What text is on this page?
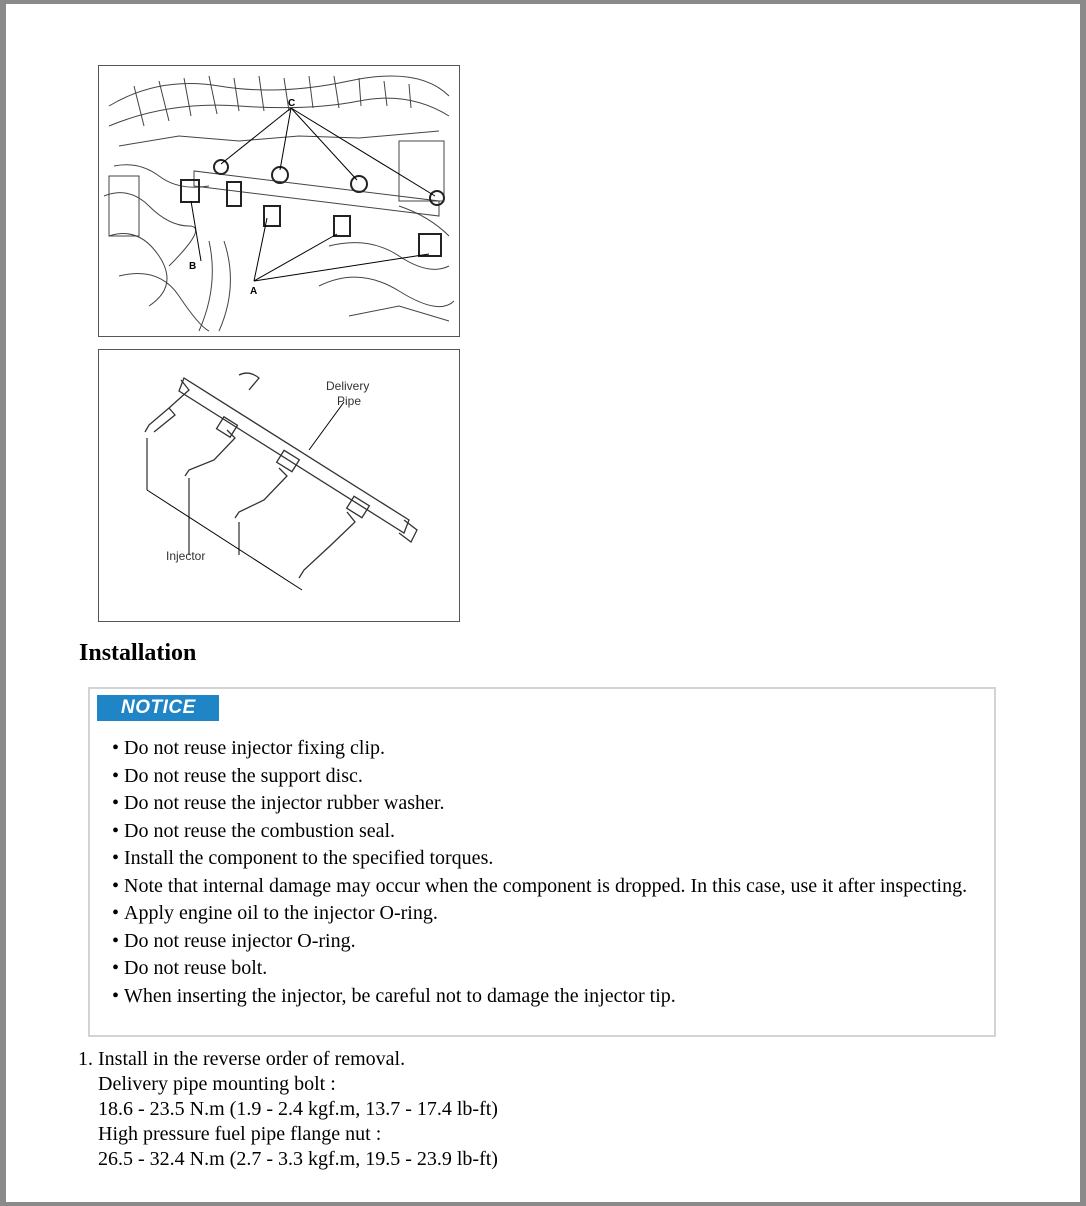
C
B
A
Delivery
Pipe
Injector
Installation
NOTICE
• Do not reuse injector fixing clip.
• Do not reuse the support disc.
• Do not reuse the injector rubber washer.
• Do not reuse the combustion seal.
• Install the component to the specified torques.
• Note that internal damage may occur when the component is dropped. In this case, use it after inspecting.
• Apply engine oil to the injector O-ring.
• Do not reuse injector O-ring.
• Do not reuse bolt.
• When inserting the injector, be careful not to damage the injector tip.
1. Install in the reverse order of removal.
Delivery pipe mounting bolt :
18.6 - 23.5 N.m (1.9 - 2.4 kgf.m, 13.7 - 17.4 lb-ft)
High pressure fuel pipe flange nut :
26.5 - 32.4 N.m (2.7 - 3.3 kgf.m, 19.5 - 23.9 lb-ft)
